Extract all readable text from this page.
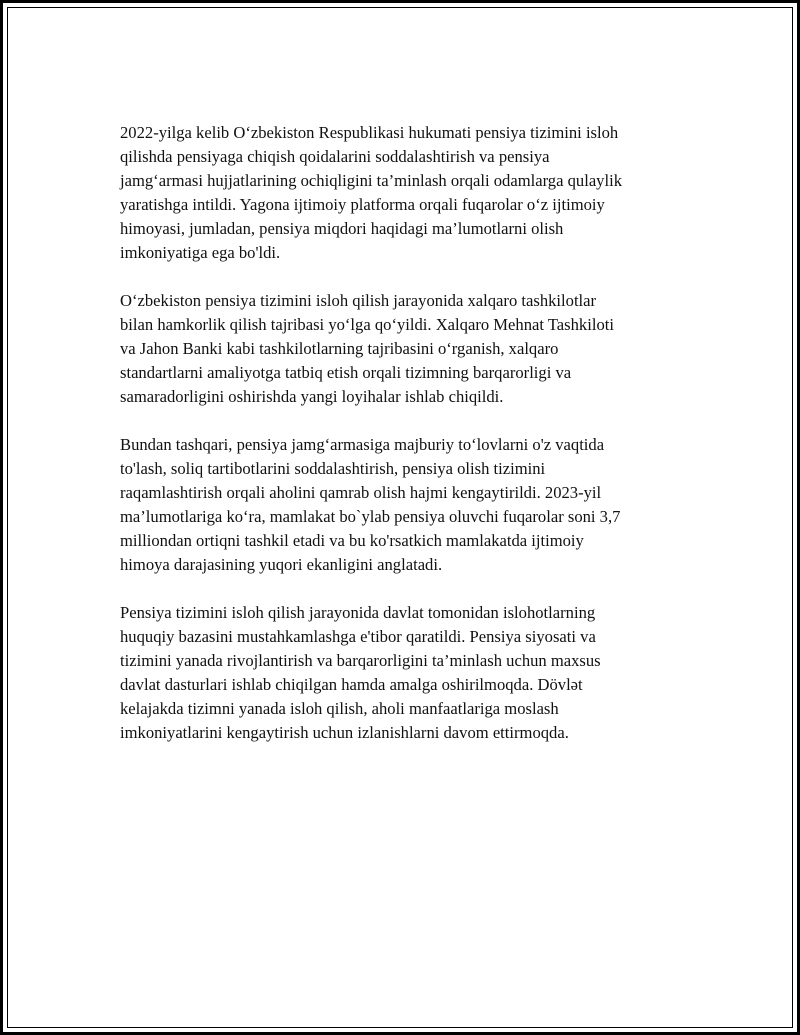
2022-yilga kelib O‘zbekiston Respublikasi hukumati pensiya tizimini isloh
qilishda pensiyaga chiqish qoidalarini soddalashtirish va pensiya
jamg‘armasi hujjatlarining ochiqligini ta’minlash orqali odamlarga qulaylik
yaratishga intildi. Yagona ijtimoiy platforma orqali fuqarolar o‘z ijtimoiy
himoyasi, jumladan, pensiya miqdori haqidagi ma’lumotlarni olish
imkoniyatiga ega bo'ldi.

O‘zbekiston pensiya tizimini isloh qilish jarayonida xalqaro tashkilotlar
bilan hamkorlik qilish tajribasi yo‘lga qo‘yildi. Xalqaro Mehnat Tashkiloti
va Jahon Banki kabi tashkilotlarning tajribasini o‘rganish, xalqaro
standartlarni amaliyotga tatbiq etish orqali tizimning barqarorligi va
samaradorligini oshirishda yangi loyihalar ishlab chiqildi.

Bundan tashqari, pensiya jamg‘armasiga majburiy to‘lovlarni o'z vaqtida
to'lash, soliq tartibotlarini soddalashtirish, pensiya olish tizimini
raqamlashtirish orqali aholini qamrab olish hajmi kengaytirildi. 2023-yil
ma’lumotlariga ko‘ra, mamlakat bo`ylab pensiya oluvchi fuqarolar soni 3,7
milliondan ortiqni tashkil etadi va bu ko'rsatkich mamlakatda ijtimoiy
himoya darajasining yuqori ekanligini anglatadi.

Pensiya tizimini isloh qilish jarayonida davlat tomonidan islohotlarning
huquqiy bazasini mustahkamlashga e'tibor qaratildi. Pensiya siyosati va
tizimini yanada rivojlantirish va barqarorligini ta’minlash uchun maxsus
davlat dasturlari ishlab chiqilgan hamda amalga oshirilmoqda. Dövlət
kelajakda tizimni yanada isloh qilish, aholi manfaatlariga moslash
imkoniyatlarini kengaytirish uchun izlanishlarni davom ettirmoqda.
